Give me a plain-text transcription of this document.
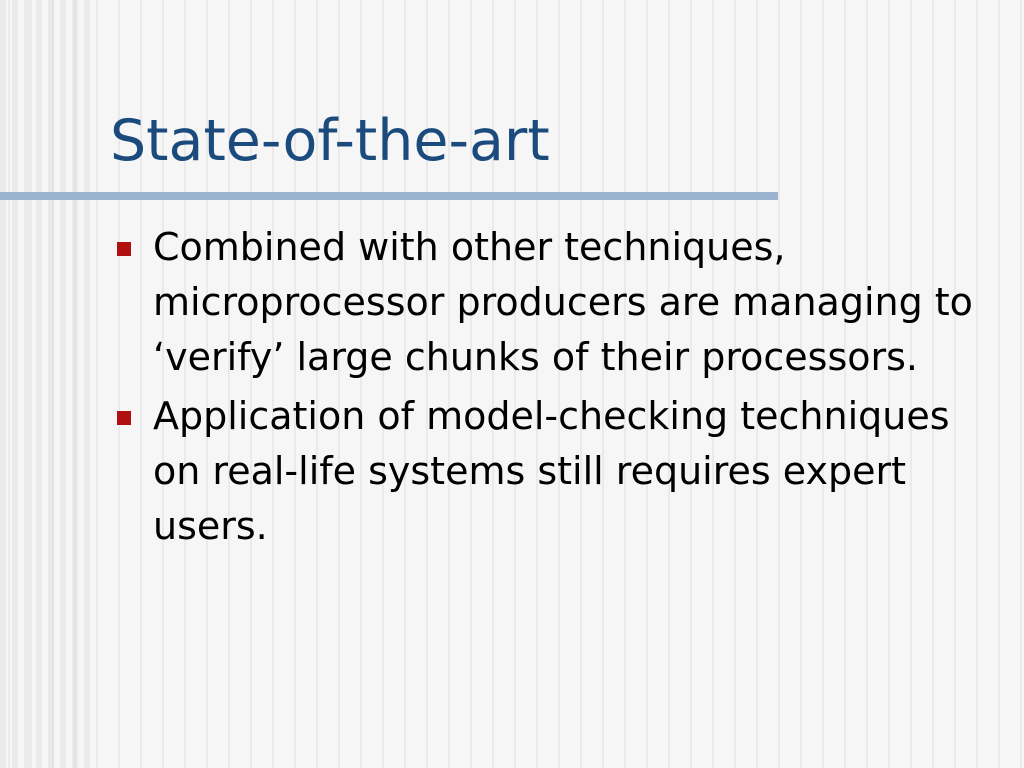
State-of-the-art
Combined with other techniques, microprocessor producers are managing to ‘verify’ large chunks of their processors.
Application of model-checking techniques on real-life systems still requires expert users.
